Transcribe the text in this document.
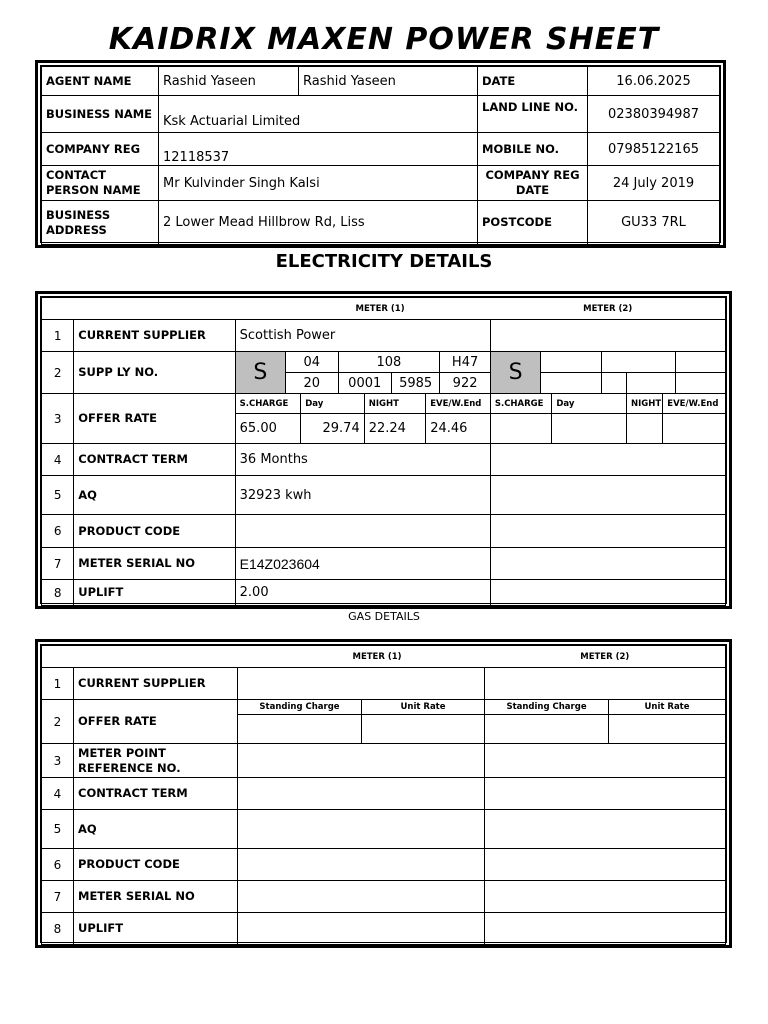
KAIDRIX MAXEN POWER SHEET
AGENT NAME	Rashid Yaseen	Rashid Yaseen	DATE	16.06.2025
BUSINESS NAME	Ksk Actuarial Limited		LAND LINE NO.	02380394987
COMPANY REG	12118537		MOBILE NO.	07985122165
CONTACT PERSON NAME	Mr Kulvinder Singh Kalsi		COMPANY REG DATE	24 July 2019
BUSINESS ADDRESS	2 Lower Mead Hillbrow Rd, Liss		POSTCODE	GU33 7RL
ELECTRICITY DETAILS
	METER (1)									METER (2)						
1	CURRENT SUPPLIER	Scottish Power														
2	SUPP LY NO.	S	04		108				H47	S						
			20		0001		5985		922							
3	OFFER RATE	S.CHARGE		Day		NIGHT		EVE/W.End		S.CHARGE		Day		NIGHT	EVE/W.End	
		65.00		29.74		22.24		24.46								
4	CONTRACT TERM	36 Months														
5	AQ	32923 kwh														
6	PRODUCT CODE															
7	METER SERIAL NO	E14Z023604														
8	UPLIFT	2.00														
GAS DETAILS
	METER (1)			METER (2)	
1	CURRENT SUPPLIER				
2	OFFER RATE	Standing Charge	Unit Rate	Standing Charge	Unit Rate

3	METER POINT REFERENCE NO.				
4	CONTRACT TERM				
5	AQ				
6	PRODUCT CODE				
7	METER SERIAL NO				
8	UPLIFT				
